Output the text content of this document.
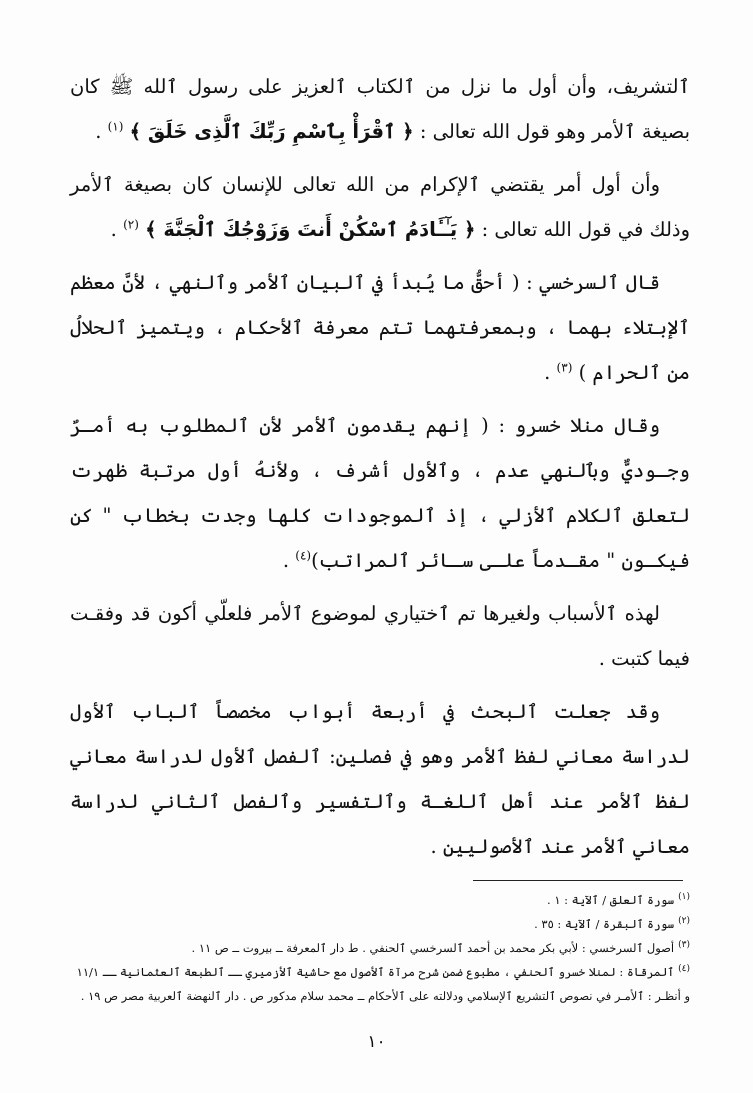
ٱلتشريف، وأن أول ما نزل من ٱلكتاب ٱلعزيز على رسول ٱلله ﷺ كان بصيغة ٱلأمر وهو قول الله تعالى : ﴿ ٱقْرَأْ بِٱسْمِ رَبِّكَ ٱلَّذِى خَلَقَ ﴾ $^{(١)}$ .

وأن أول أمر يقتضي ٱلإكرام من الله تعالى للإنسان كان بصيغة ٱلأمر وذلك في قول الله تعالى : ﴿ يَـٰٓـَٔادَمُ ٱسْكُنْ أَنتَ وَزَوْجُكَ ٱلْجَنَّةَ ﴾ $^{(٢)}$ .

قال ٱلسرخسي : ( أحقُّ ما يُبدأ في ٱلبيان ٱلأمر وٱلنهي ، لأنَّ معظم ٱلإبتلاء بهما ، وبمعرفتهما تتم معرفة ٱلأحكام ، ويتميز ٱلحلالُ من ٱلحرام ) $^{(٣)}$ .

وقال منلا خسرو : ( إنهم يقدمون ٱلأمر لأن ٱلمطلوب به أمـرٌ وجـوديٌّ وبٱلنهي عدم ، وٱلأول أشرف ، ولأنهُ أول مرتبة ظهرت لتعلق ٱلكلام ٱلأزلي ، إذ ٱلموجودات كلها وجدت بخطاب " كن فيكـون " مقـدماً علـى سـائر ٱلمراتب)$^{(٤)}$ .

لهذه ٱلأسباب ولغيرها تم ٱختياري لموضوع ٱلأمر فلعلّي أكون قد وفقـت فيما كتبت .

وقد جعلت ٱلبحث في أربعة أبواب مخصصاً ٱلباب ٱلأول لدراسة معاني لفظ ٱلأمر وهو في فصلين: ٱلفصل ٱلأول لدراسة معاني لفظ ٱلأمر عند أهل ٱللغـة وٱلتفسير وٱلفصل ٱلثاني لدراسة معاني ٱلأمر عند ٱلأصوليين .

$^{(١)}$سورة ٱلعلق / ٱلآية : ١ .

$^{(٢)}$سورة ٱلبقرة / ٱلآية : ٣٥ .

$^{(٣)}$أصول ٱلسرخسي : لأبي بكر محمد بن أحمد ٱلسرخسي ٱلحنفي . ط دار ٱلمعرفة ــ بيروت ــ ص ١١ .

$^{(٤)}$ٱلمرقاة : لمنلا خسرو ٱلحنفي ، مطبوع ضمن شرح مرآة ٱلأصول مع حاشية ٱلأزميري ــ ٱلطبعة ٱلعثمانية ــ ١١/١ و أنظـر : ٱلأمـر في نصوص ٱلتشريع ٱلإسلامي ودلالته على ٱلأحكام ــ محمد سلام مدكور ص . دار ٱلنهضة ٱلعربية مصر ص ١٩ .

١٠
